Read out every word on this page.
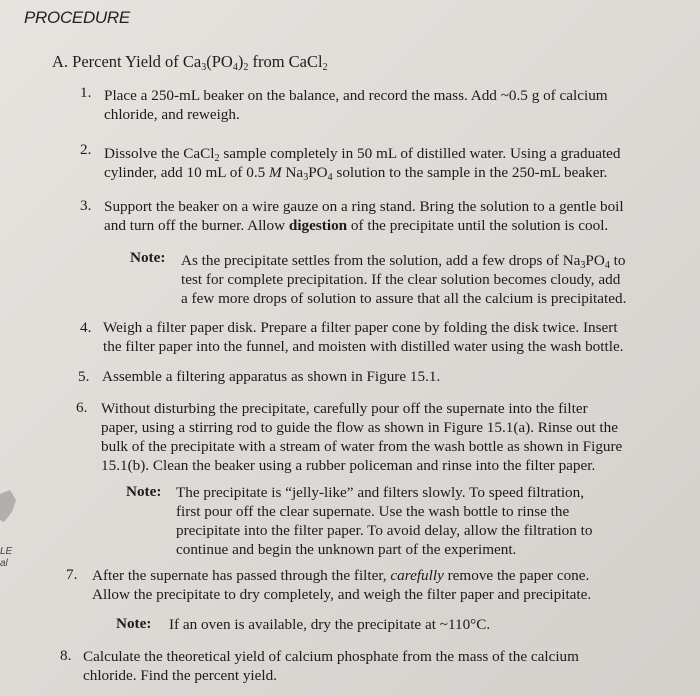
PROCEDURE
A. Percent Yield of $Ca_3(PO_4)_2$ from CaCl$_2$
1. Place a 250-mL beaker on the balance, and record the mass. Add ~0.5 g of calcium
chloride, and reweigh.
2. Dissolve the CaCl$_2$ sample completely in 50 mL of distilled water. Using a graduated
cylinder, add 10 mL of 0.5 M $Na_3PO_4$ solution to the sample in the 250-mL beaker.
3. Support the beaker on a wire gauze on a ring stand. Bring the solution to a gentle boil
and turn off the burner. Allow digestion of the precipitate until the solution is cool.
Note: As the precipitate settles from the solution, add a few drops of $Na_3PO_4$ to
test for complete precipitation. If the clear solution becomes cloudy, add
a few more drops of solution to assure that all the calcium is precipitated.
4. Weigh a filter paper disk. Prepare a filter paper cone by folding the disk twice. Insert
the filter paper into the funnel, and moisten with distilled water using the wash bottle.
5. Assemble a filtering apparatus as shown in Figure 15.1.
6. Without disturbing the precipitate, carefully pour off the supernate into the filter
paper, using a stirring rod to guide the flow as shown in Figure 15.1(a). Rinse out the
bulk of the precipitate with a stream of water from the wash bottle as shown in Figure
15.1(b). Clean the beaker using a rubber policeman and rinse into the filter paper.
Note: The precipitate is “jelly-like” and filters slowly. To speed filtration,
first pour off the clear supernate. Use the wash bottle to rinse the
precipitate into the filter paper. To avoid delay, allow the filtration to
continue and begin the unknown part of the experiment.
7. After the supernate has passed through the filter, carefully remove the paper cone.
Allow the precipitate to dry completely, and weigh the filter paper and precipitate.
Note: If an oven is available, dry the precipitate at ~110°C.
8. Calculate the theoretical yield of calcium phosphate from the mass of the calcium
chloride. Find the percent yield.
LE
al
